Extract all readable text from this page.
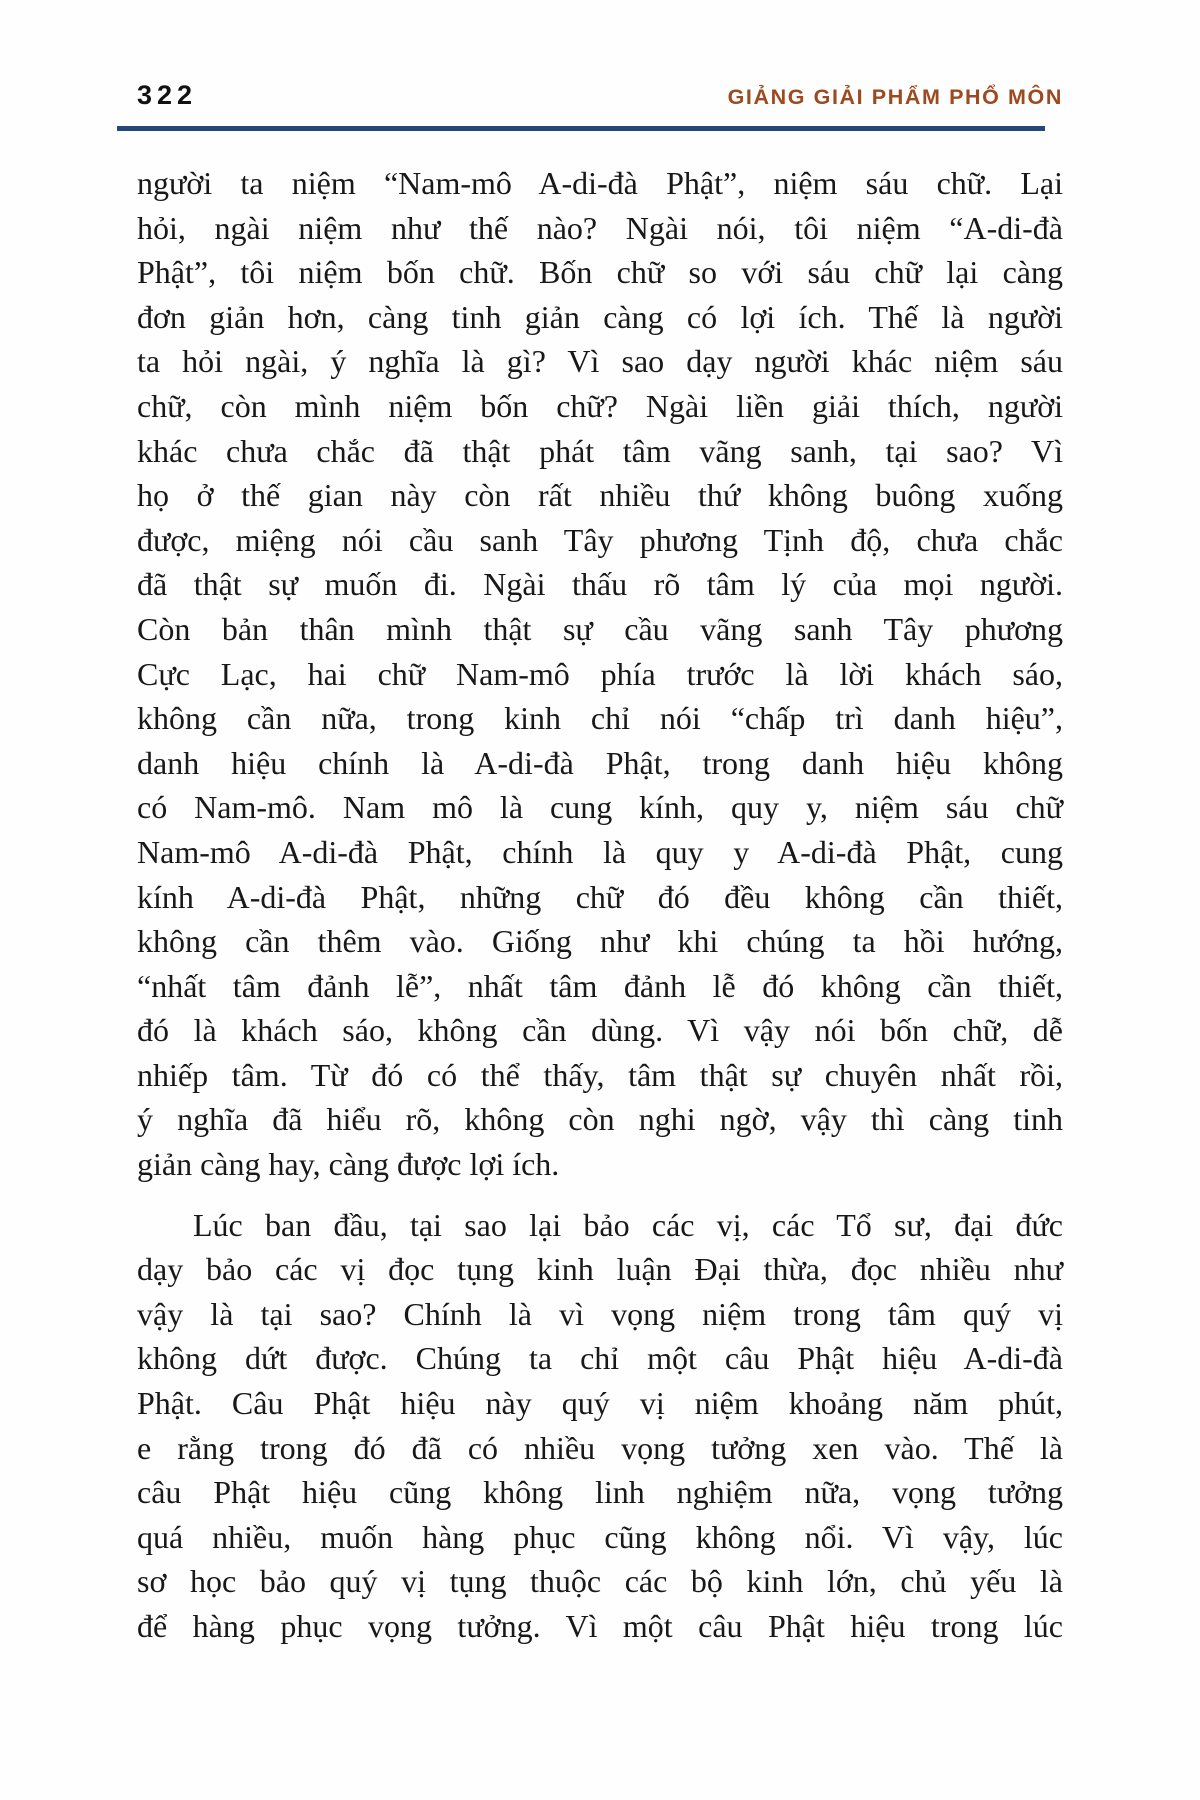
322	GIẢNG GIẢI PHẨM PHỔ MÔN
người ta niệm “Nam-mô A-di-đà Phật”, niệm sáu chữ. Lại
hỏi, ngài niệm như thế nào? Ngài nói, tôi niệm “A-di-đà
Phật”, tôi niệm bốn chữ. Bốn chữ so với sáu chữ lại càng
đơn giản hơn, càng tinh giản càng có lợi ích. Thế là người
ta hỏi ngài, ý nghĩa là gì? Vì sao dạy người khác niệm sáu
chữ, còn mình niệm bốn chữ? Ngài liền giải thích, người
khác chưa chắc đã thật phát tâm vãng sanh, tại sao? Vì
họ ở thế gian này còn rất nhiều thứ không buông xuống
được, miệng nói cầu sanh Tây phương Tịnh độ, chưa chắc
đã thật sự muốn đi. Ngài thấu rõ tâm lý của mọi người.
Còn bản thân mình thật sự cầu vãng sanh Tây phương
Cực Lạc, hai chữ Nam-mô phía trước là lời khách sáo,
không cần nữa, trong kinh chỉ nói “chấp trì danh hiệu”,
danh hiệu chính là A-di-đà Phật, trong danh hiệu không
có Nam-mô. Nam mô là cung kính, quy y, niệm sáu chữ
Nam-mô A-di-đà Phật, chính là quy y A-di-đà Phật, cung
kính A-di-đà Phật, những chữ đó đều không cần thiết,
không cần thêm vào. Giống như khi chúng ta hồi hướng,
“nhất tâm đảnh lễ”, nhất tâm đảnh lễ đó không cần thiết,
đó là khách sáo, không cần dùng. Vì vậy nói bốn chữ, dễ
nhiếp tâm. Từ đó có thể thấy, tâm thật sự chuyên nhất rồi,
ý nghĩa đã hiểu rõ, không còn nghi ngờ, vậy thì càng tinh
giản càng hay, càng được lợi ích.
Lúc ban đầu, tại sao lại bảo các vị, các Tổ sư, đại đức
dạy bảo các vị đọc tụng kinh luận Đại thừa, đọc nhiều như
vậy là tại sao? Chính là vì vọng niệm trong tâm quý vị
không dứt được. Chúng ta chỉ một câu Phật hiệu A-di-đà
Phật. Câu Phật hiệu này quý vị niệm khoảng năm phút,
e rằng trong đó đã có nhiều vọng tưởng xen vào. Thế là
câu Phật hiệu cũng không linh nghiệm nữa, vọng tưởng
quá nhiều, muốn hàng phục cũng không nổi. Vì vậy, lúc
sơ học bảo quý vị tụng thuộc các bộ kinh lớn, chủ yếu là
để hàng phục vọng tưởng. Vì một câu Phật hiệu trong lúc
